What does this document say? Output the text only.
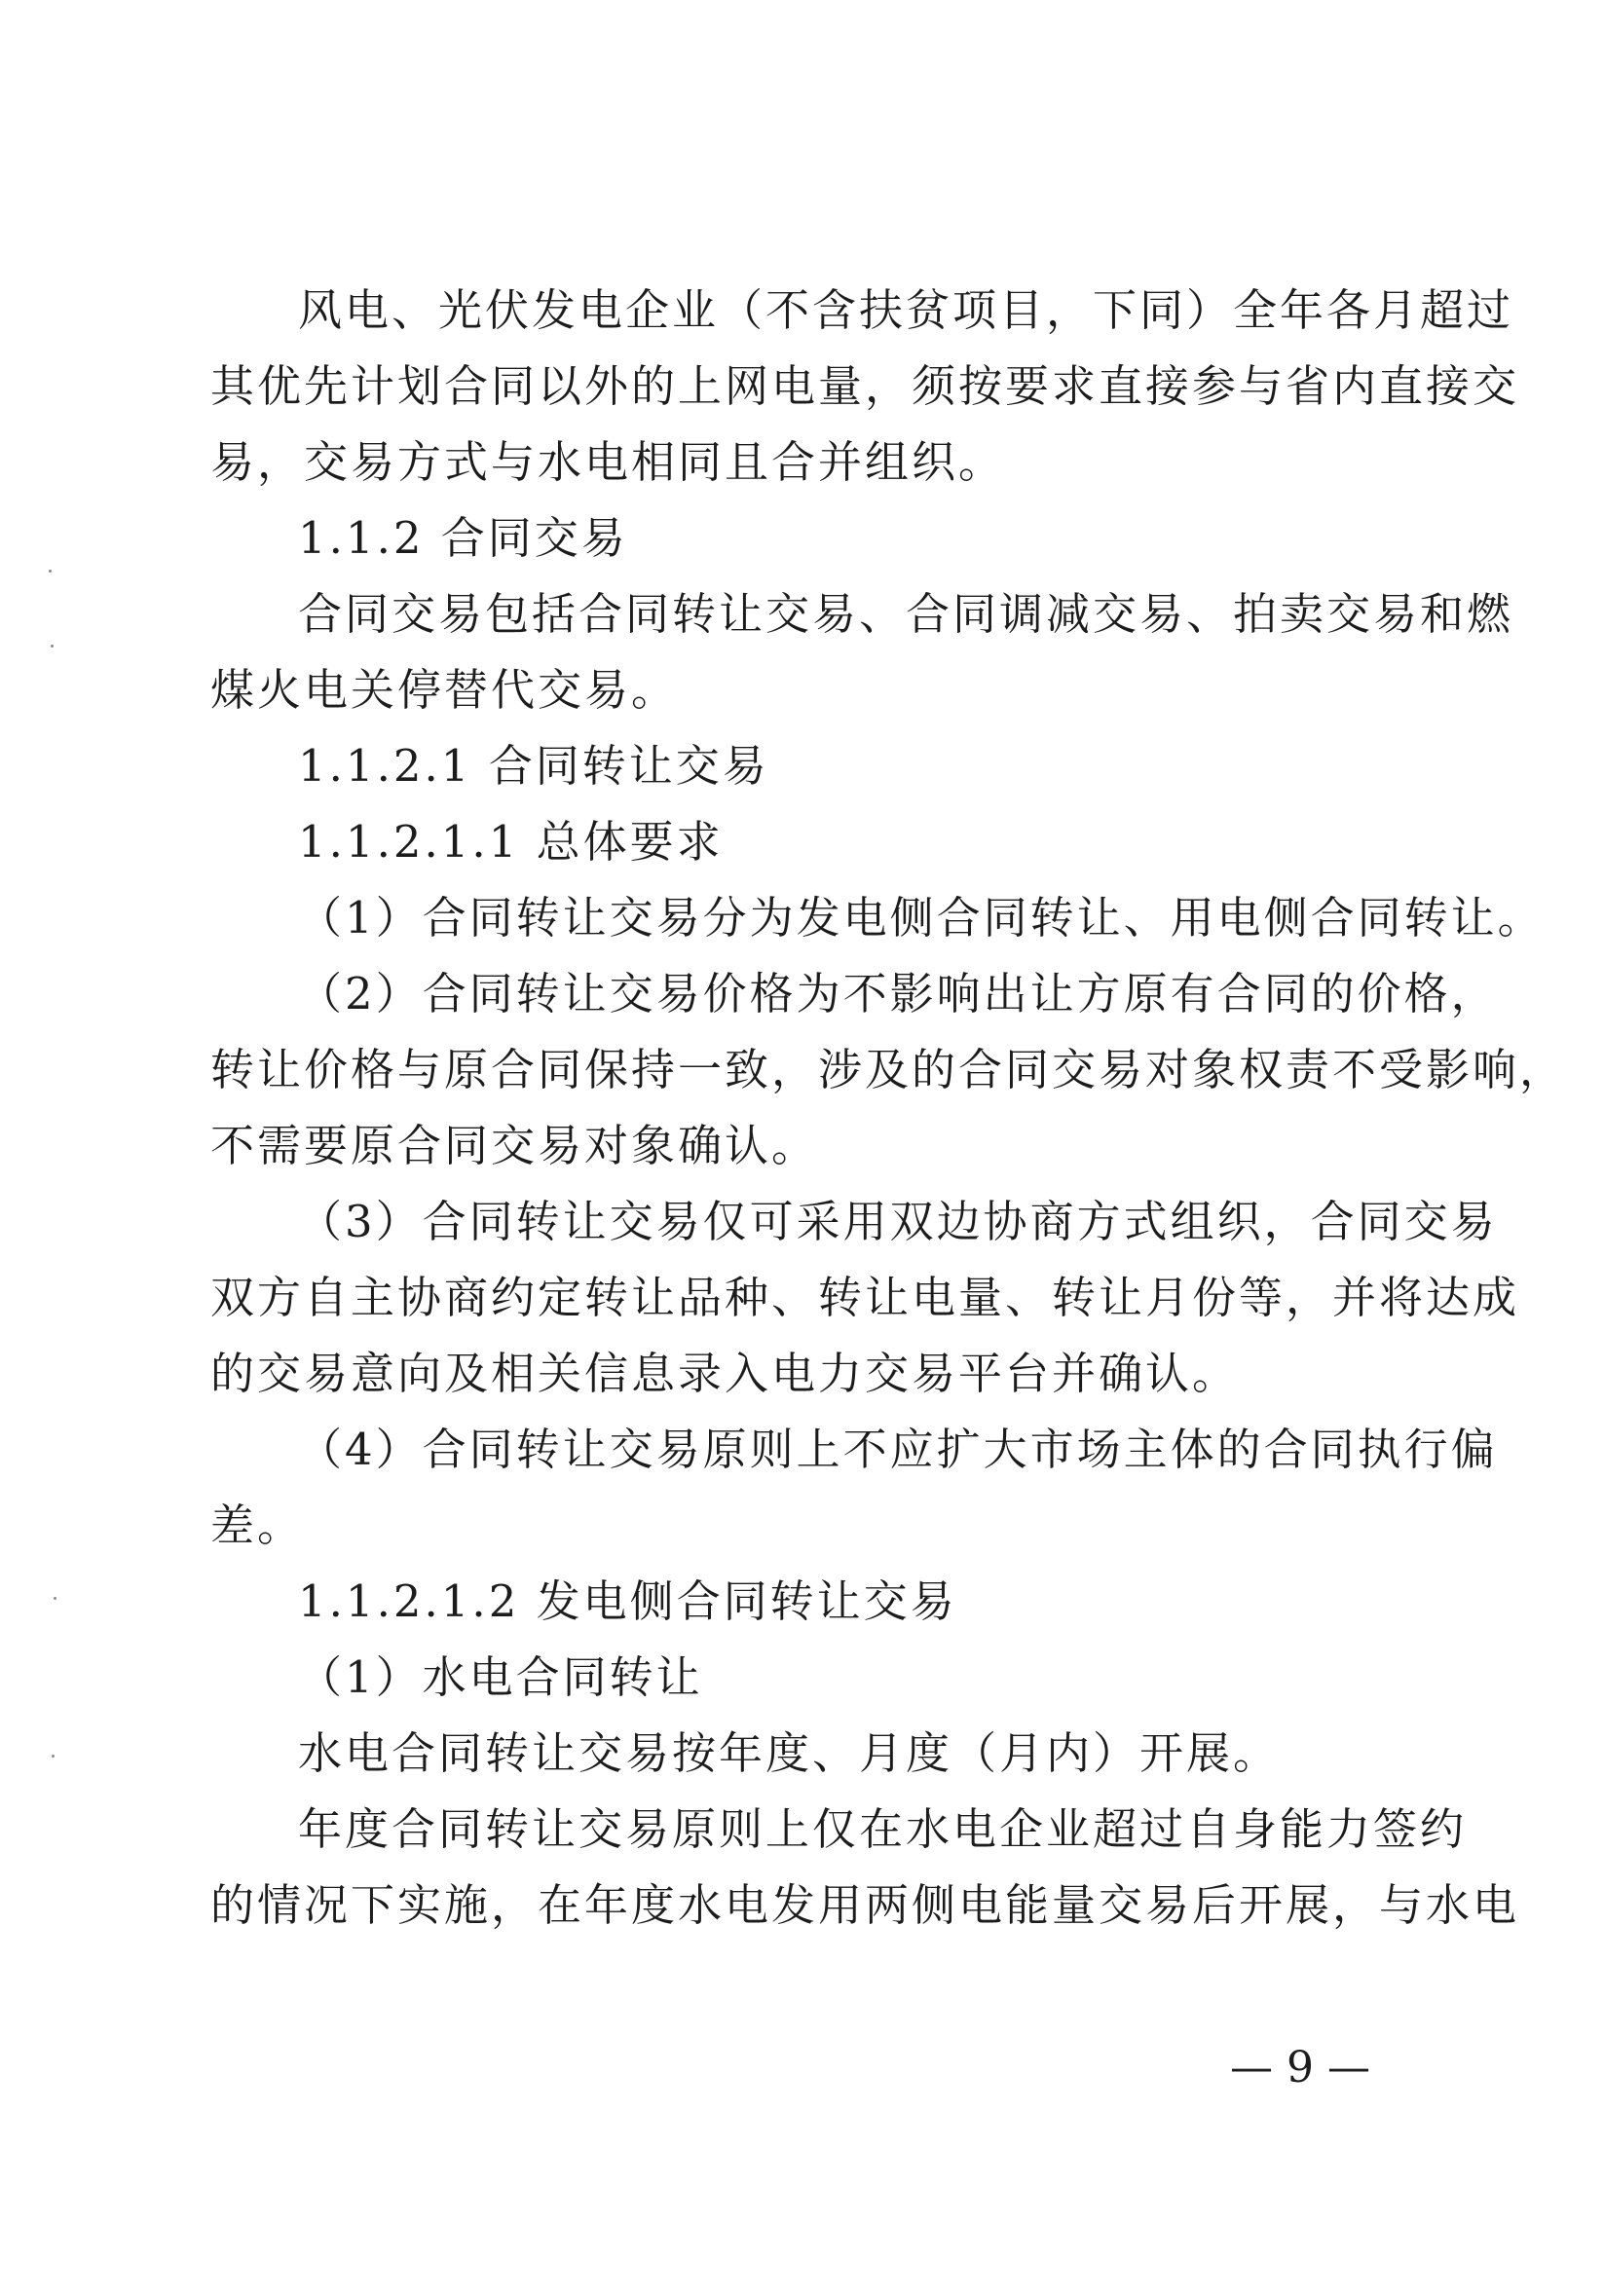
风电、光伏发电企业（不含扶贫项目，下同）全年各月超过
其优先计划合同以外的上网电量，须按要求直接参与省内直接交
易，交易方式与水电相同且合并组织。

1.1.2 合同交易

合同交易包括合同转让交易、合同调减交易、拍卖交易和燃
煤火电关停替代交易。

1.1.2.1 合同转让交易

1.1.2.1.1 总体要求

（1）合同转让交易分为发电侧合同转让、用电侧合同转让。

（2）合同转让交易价格为不影响出让方原有合同的价格，
转让价格与原合同保持一致，涉及的合同交易对象权责不受影响，
不需要原合同交易对象确认。

（3）合同转让交易仅可采用双边协商方式组织，合同交易
双方自主协商约定转让品种、转让电量、转让月份等，并将达成
的交易意向及相关信息录入电力交易平台并确认。

（4）合同转让交易原则上不应扩大市场主体的合同执行偏
差。

1.1.2.1.2 发电侧合同转让交易

（1）水电合同转让

水电合同转让交易按年度、月度（月内）开展。

年度合同转让交易原则上仅在水电企业超过自身能力签约
的情况下实施，在年度水电发用两侧电能量交易后开展，与水电

— 9 —
